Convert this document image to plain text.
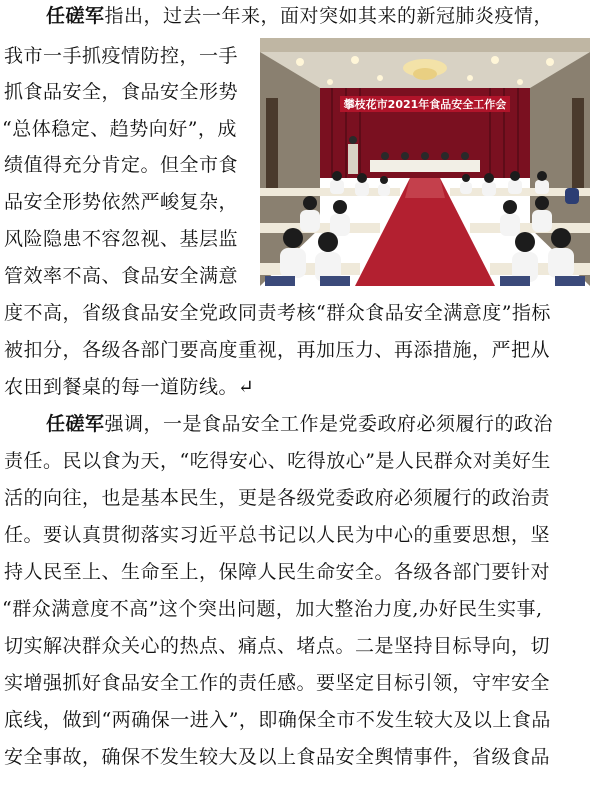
任磋军指出，过去一年来，面对突如其来的新冠肺炎疫情，
我市一手抓疫情防控，一手
抓食品安全，食品安全形势
“总体稳定、趋势向好”，成
绩值得充分肯定。但全市食
品安全形势依然严峻复杂，
风险隐患不容忽视、基层监
管效率不高、食品安全满意
度不高，省级食品安全党政同责考核“群众食品安全满意度”指标
被扣分，各级各部门要高度重视，再加压力、再添措施，严把从
农田到餐桌的每一道防线。↵
任磋军强调，一是食品安全工作是党委政府必须履行的政治
责任。民以食为天，“吃得安心、吃得放心”是人民群众对美好生
活的向往，也是基本民生，更是各级党委政府必须履行的政治责
任。要认真贯彻落实习近平总书记以人民为中心的重要思想，坚
持人民至上、生命至上，保障人民生命安全。各级各部门要针对
“群众满意度不高”这个突出问题，加大整治力度,办好民生实事,
切实解决群众关心的热点、痛点、堵点。二是坚持目标导向，切
实增强抓好食品安全工作的责任感。要坚定目标引领，守牢安全
底线，做到“两确保一进入”，即确保全市不发生较大及以上食品
安全事故，确保不发生较大及以上食品安全舆情事件，省级食品
攀枝花市2021年食品安全工作会
